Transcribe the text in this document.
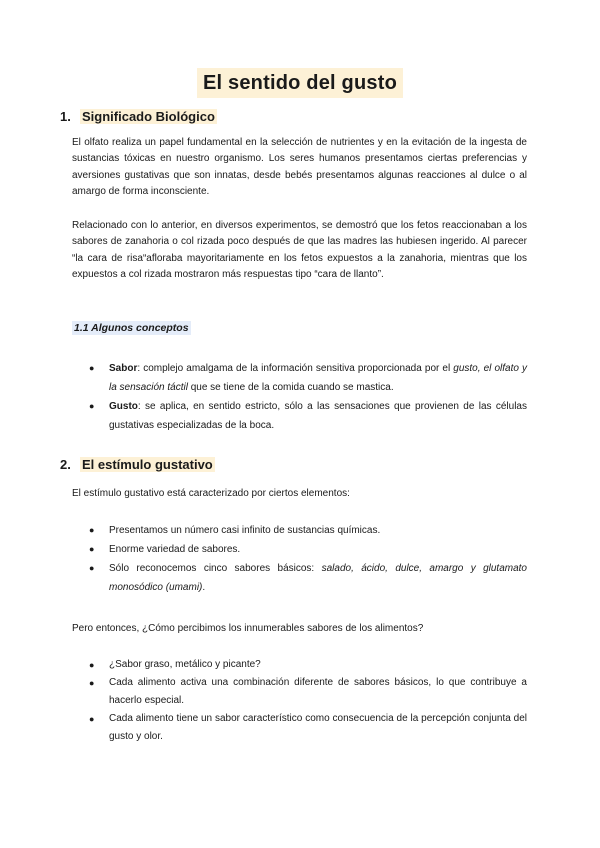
El sentido del gusto
1. Significado Biológico

El olfato realiza un papel fundamental en la selección de nutrientes y en la evitación de la ingesta de sustancias tóxicas en nuestro organismo. Los seres humanos presentamos ciertas preferencias y aversiones gustativas que son innatas, desde bebés presentamos algunas reacciones al dulce o al amargo de forma inconsciente.

Relacionado con lo anterior, en diversos experimentos, se demostró que los fetos reaccionaban a los sabores de zanahoria o col rizada poco después de que las madres las hubiesen ingerido. Al parecer “la cara de risa“afloraba mayoritariamente en los fetos expuestos a la zanahoria, mientras que los expuestos a col rizada mostraron más respuestas tipo “cara de llanto”.

1.1 Algunos conceptos
● Sabor: complejo amalgama de la información sensitiva proporcionada por el gusto, el olfato y la sensación táctil que se tiene de la comida cuando se mastica.
● Gusto: se aplica, en sentido estricto, sólo a las sensaciones que provienen de las células gustativas especializadas de la boca.
2. El estímulo gustativo

El estímulo gustativo está caracterizado por ciertos elementos:

● Presentamos un número casi infinito de sustancias químicas.
● Enorme variedad de sabores.
● Sólo reconocemos cinco sabores básicos: salado, ácido, dulce, amargo y glutamato monosódico (umami).

Pero entonces, ¿Cómo percibimos los innumerables sabores de los alimentos?

● ¿Sabor graso, metálico y picante?
● Cada alimento activa una combinación diferente de sabores básicos, lo que contribuye a hacerlo especial.
● Cada alimento tiene un sabor característico como consecuencia de la percepción conjunta del gusto y olor.
